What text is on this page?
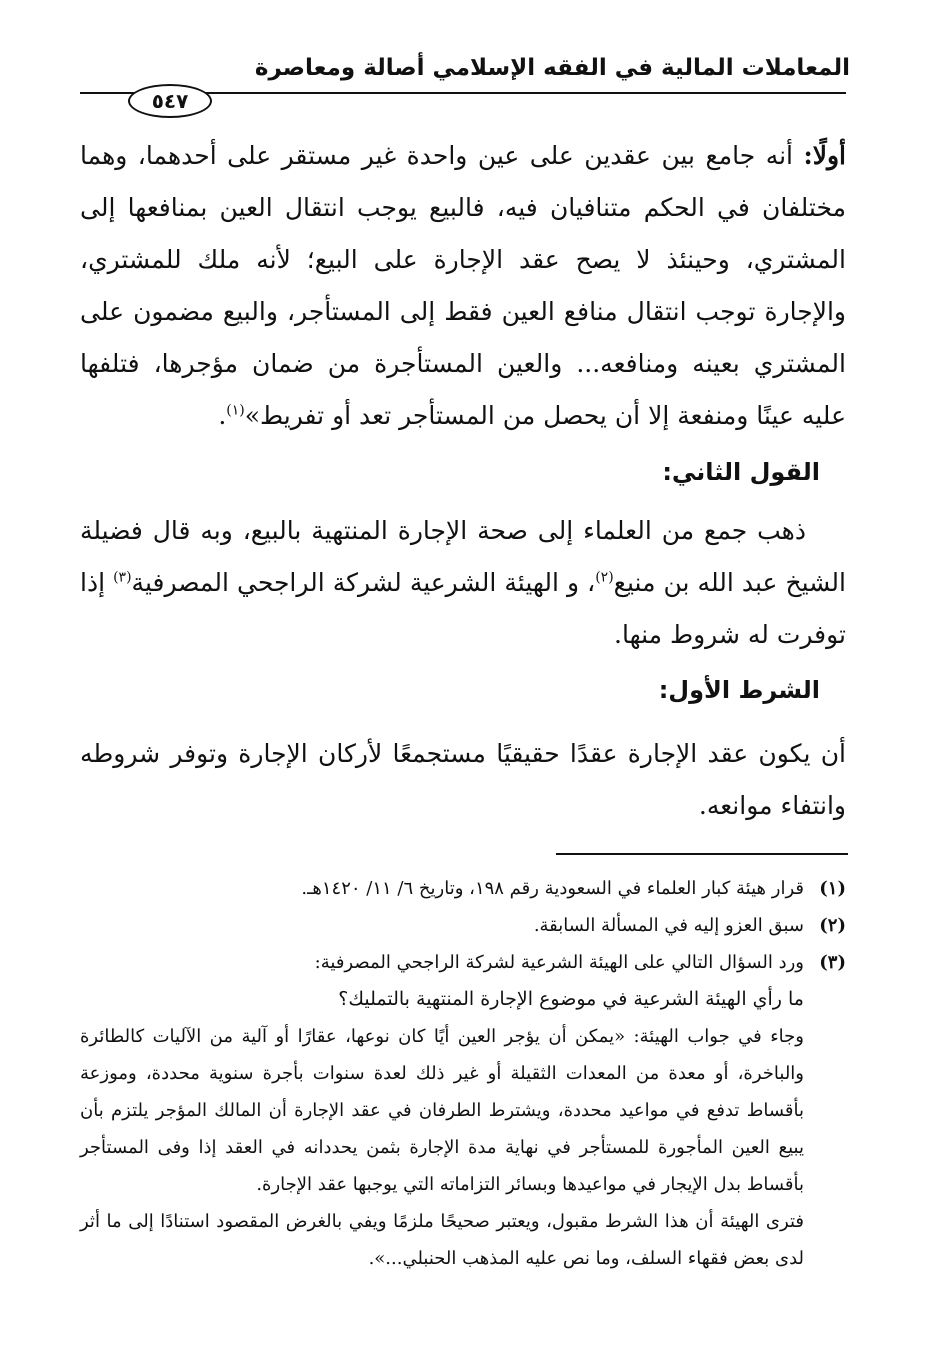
المعاملات المالية في الفقه الإسلامي أصالة ومعاصرة
٥٤٧

أولًا: أنه جامع بين عقدين على عين واحدة غير مستقر على أحدهما، وهما مختلفان في الحكم متنافيان فيه، فالبيع يوجب انتقال العين بمنافعها إلى المشتري، وحينئذ لا يصح عقد الإجارة على البيع؛ لأنه ملك للمشتري، والإجارة توجب انتقال منافع العين فقط إلى المستأجر، والبيع مضمون على المشتري بعينه ومنافعه... والعين المستأجرة من ضمان مؤجرها، فتلفها عليه عينًا ومنفعة إلا أن يحصل من المستأجر تعد أو تفريط»$^{(١)}$.

القول الثاني:

ذهب جمع من العلماء إلى صحة الإجارة المنتهية بالبيع، وبه قال فضيلة الشيخ عبد الله بن منيع$^{(٢)}$، و الهيئة الشرعية لشركة الراجحي المصرفية$^{(٣)}$ إذا توفرت له شروط منها.

الشرط الأول:

أن يكون عقد الإجارة عقدًا حقيقيًا مستجمعًا لأركان الإجارة وتوفر شروطه وانتفاء موانعه.

(١)
قرار هيئة كبار العلماء في السعودية رقم ١٩٨، وتاريخ ٦/ ١١/ ١٤٢٠هـ.
(٢)
سبق العزو إليه في المسألة السابقة.
(٣)
ورد السؤال التالي على الهيئة الشرعية لشركة الراجحي المصرفية:
ما رأي الهيئة الشرعية في موضوع الإجارة المنتهية بالتمليك؟
وجاء في جواب الهيئة: «يمكن أن يؤجر العين أيًا كان نوعها، عقارًا أو آلية من الآليات كالطائرة والباخرة، أو معدة من المعدات الثقيلة أو غير ذلك لعدة سنوات بأجرة سنوية محددة، وموزعة بأقساط تدفع في مواعيد محددة، ويشترط الطرفان في عقد الإجارة أن المالك المؤجر يلتزم بأن يبيع العين المأجورة للمستأجر في نهاية مدة الإجارة بثمن يحددانه في العقد إذا وفى المستأجر بأقساط بدل الإيجار في مواعيدها وبسائر التزاماته التي يوجبها عقد الإجارة.
فترى الهيئة أن هذا الشرط مقبول، ويعتبر صحيحًا ملزمًا ويفي بالغرض المقصود استنادًا إلى ما أثر لدى بعض فقهاء السلف، وما نص عليه المذهب الحنبلي...».
